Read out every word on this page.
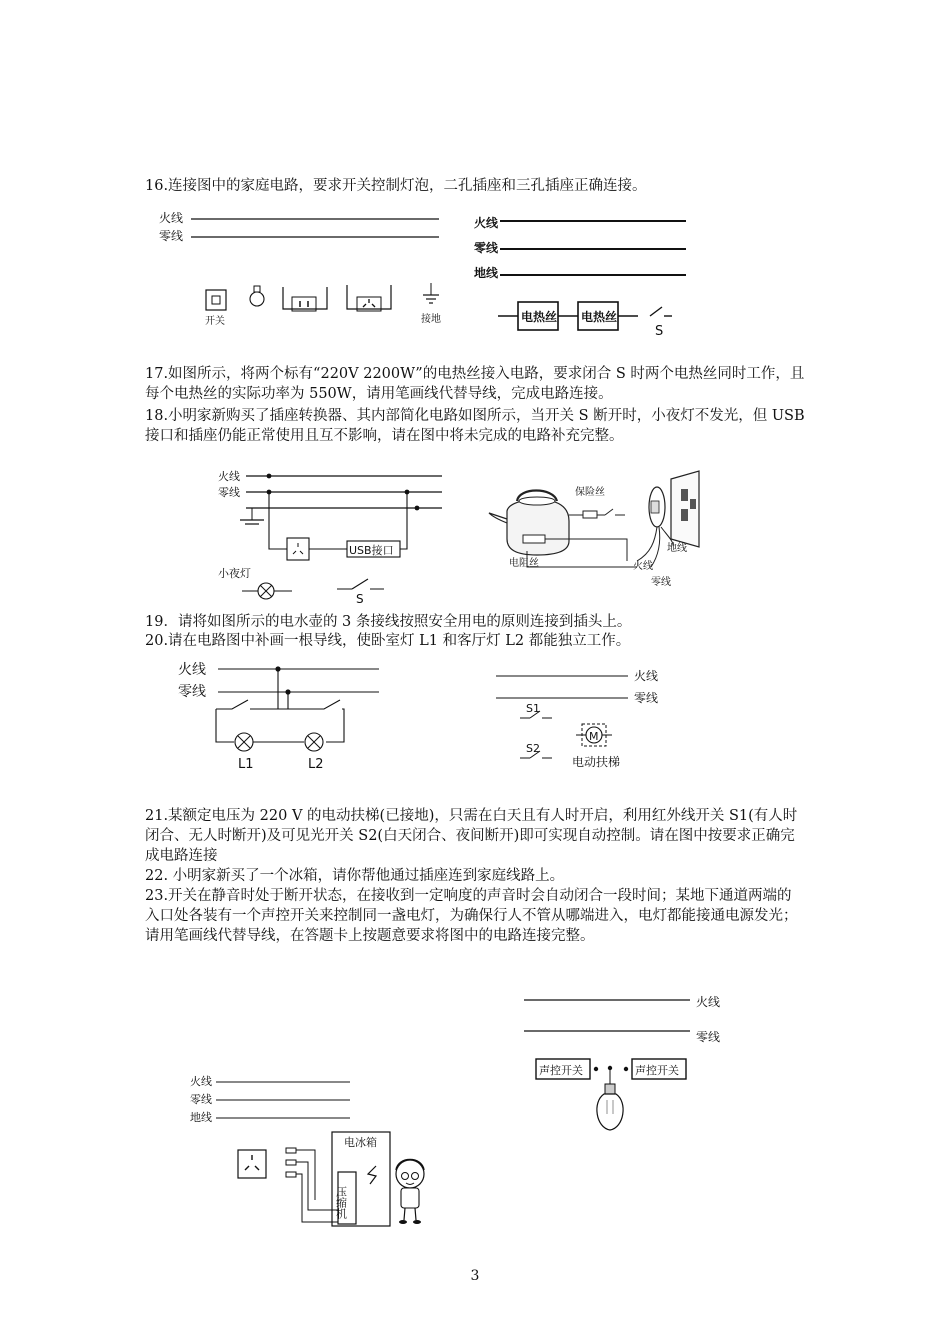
16.连接图中的家庭电路，要求开关控制灯泡，二孔插座和三孔插座正确连接。

火线
零线
开关	接地
火线
零线
地线
电热丝 电热丝
S

17.如图所示，将两个标有“220V 2200W”的电热丝接入电路，要求闭合 S 时两个电热丝同时工作，且每个电热丝的实际功率为 550W，请用笔画线代替导线，完成电路连接。

18.小明家新购买了插座转换器、其内部简化电路如图所示，当开关 S 断开时，小夜灯不发光，但 USB 接口和插座仍能正常使用且互不影响，请在图中将未完成的电路补充完整。

火线
零线
USB接口
小夜灯
S
保险丝
电阻丝
地线
火线
零线

19．请将如图所示的电水壶的 3 条接线按照安全用电的原则连接到插头上。

20.请在电路图中补画一根导线，使卧室灯 L1 和客厅灯 L2 都能独立工作。

火线
零线
L1	L2
火线
零线
S1
S2
M
电动扶梯

21.某额定电压为 220 V 的电动扶梯(已接地)，只需在白天且有人时开启，利用红外线开关 S1(有人时闭合、无人时断开)及可见光开关 S2(白天闭合、夜间断开)即可实现自动控制。请在图中按要求正确完成电路连接

22. 小明家新买了一个冰箱，请你帮他通过插座连到家庭线路上。

23.开关在静音时处于断开状态，在接收到一定响度的声音时会自动闭合一段时间；某地下通道两端的入口处各装有一个声控开关来控制同一盏电灯，为确保行人不管从哪端进入，电灯都能接通电源发光；请用笔画线代替导线，在答题卡上按题意要求将图中的电路连接完整。

火线
零线
声控开关	声控开关
火线
零线
地线
电冰箱
压缩机
3
